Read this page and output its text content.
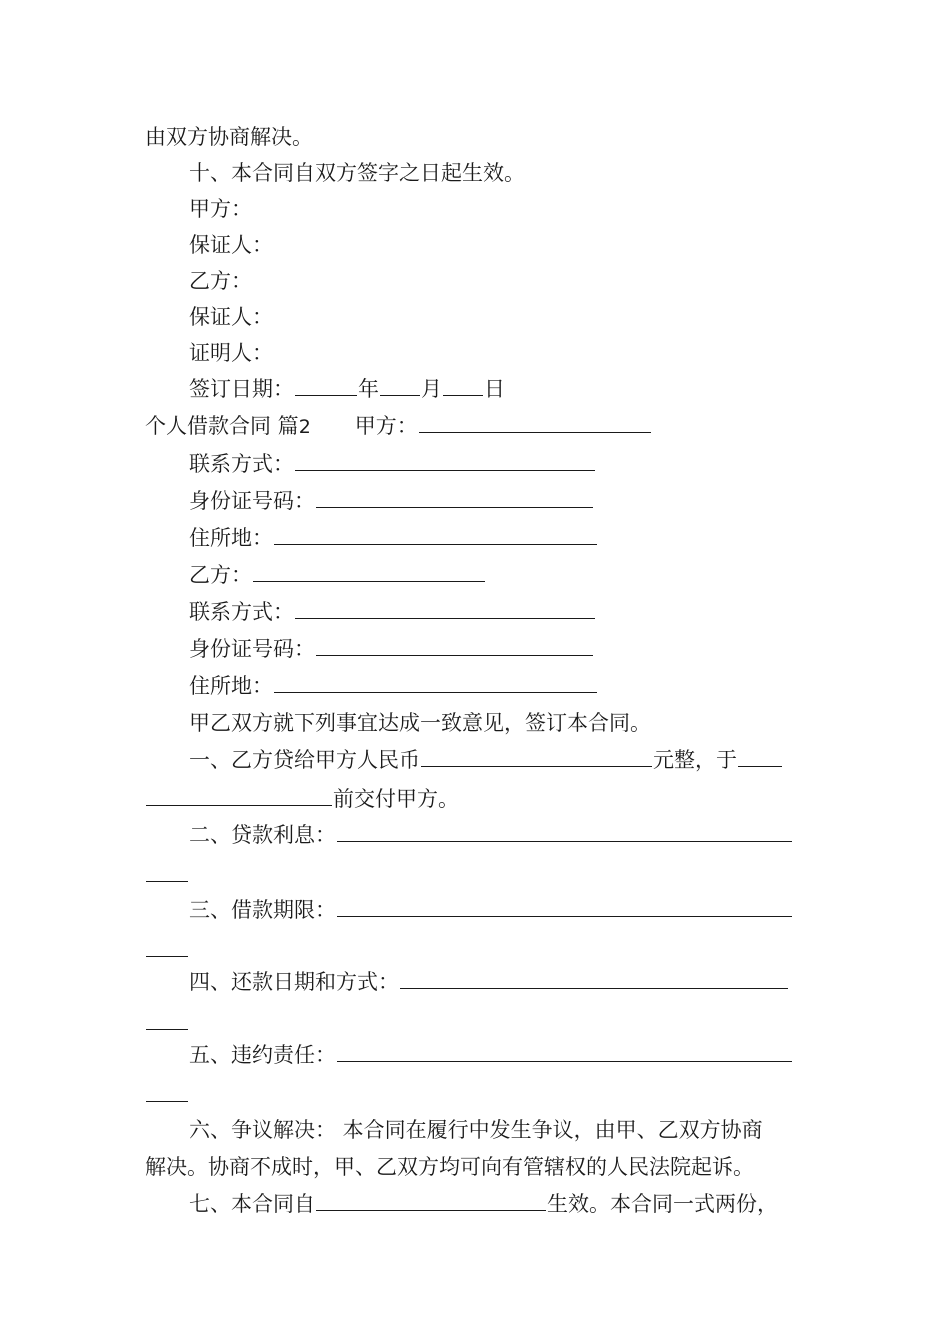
由双方协商解决。
十、本合同自双方签字之日起生效。
甲方：
保证人：
乙方：
保证人：
证明人：
签订日期：	年 月 日
个人借款合同 篇2 甲方：
联系方式：
身份证号码：
住所地：
乙方：
联系方式：
身份证号码：
住所地：
甲乙双方就下列事宜达成一致意见，签订本合同。
一、乙方贷给甲方人民币	元整，于
前交付甲方。
二、贷款利息：
三、借款期限：
四、还款日期和方式：
五、违约责任：
六、争议解决： 本合同在履行中发生争议，由甲、乙双方协商
解决。协商不成时，甲、乙双方均可向有管辖权的人民法院起诉。
七、本合同自	生效。本合同一式两份，
